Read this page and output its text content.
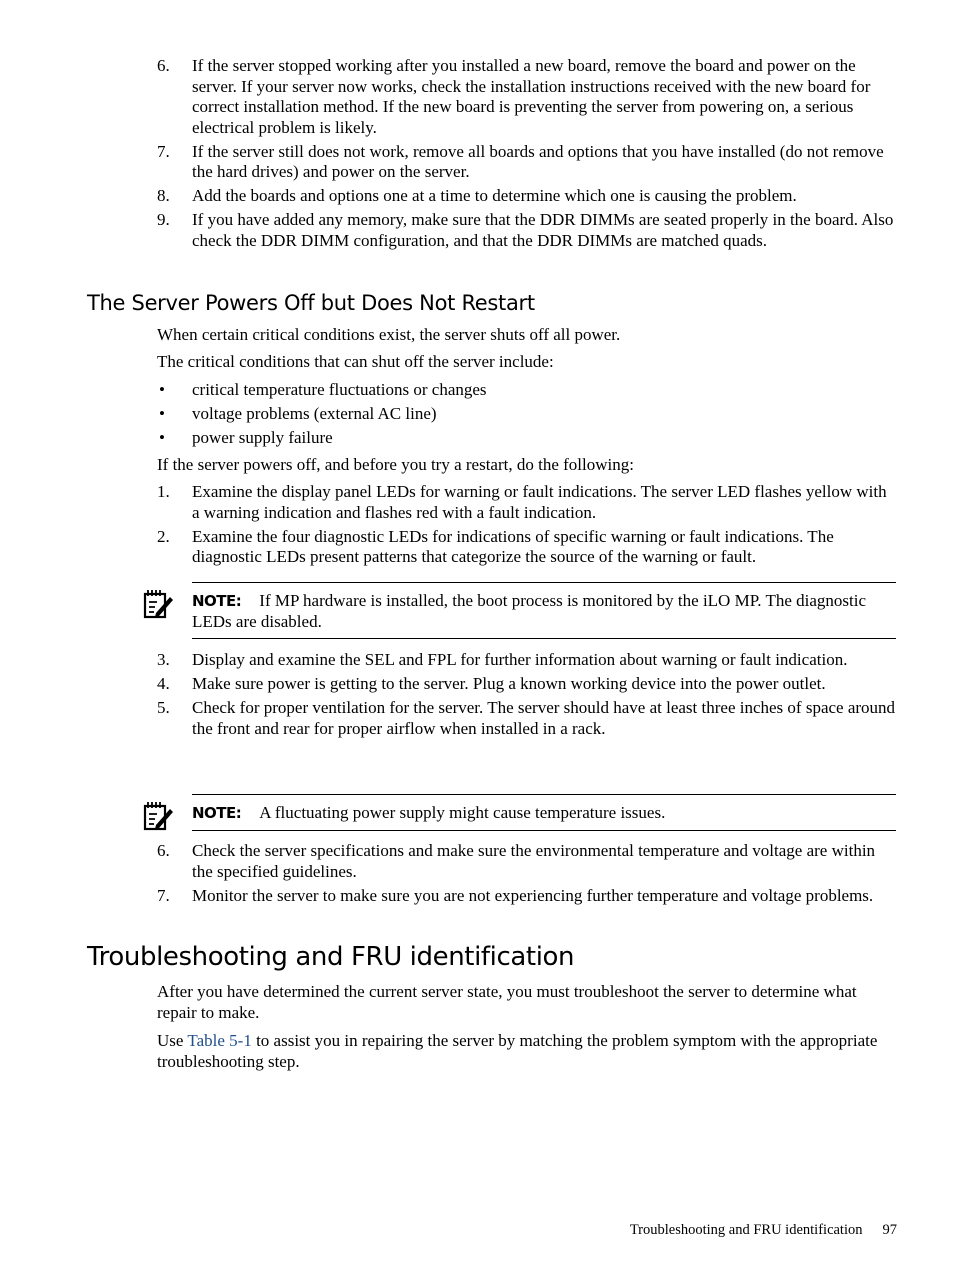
6. If the server stopped working after you installed a new board, remove the board and power on the server. If your server now works, check the installation instructions received with the new board for correct installation method. If the new board is preventing the server from powering on, a serious electrical problem is likely.
7. If the server still does not work, remove all boards and options that you have installed (do not remove the hard drives) and power on the server.
8. Add the boards and options one at a time to determine which one is causing the problem.
9. If you have added any memory, make sure that the DDR DIMMs are seated properly in the board. Also check the DDR DIMM configuration, and that the DDR DIMMs are matched quads.
The Server Powers Off but Does Not Restart

When certain critical conditions exist, the server shuts off all power.

The critical conditions that can shut off the server include:

• critical temperature fluctuations or changes
• voltage problems (external AC line)
• power supply failure

If the server powers off, and before you try a restart, do the following:

1. Examine the display panel LEDs for warning or fault indications. The server LED flashes yellow with a warning indication and flashes red with a fault indication.
2. Examine the four diagnostic LEDs for indications of specific warning or fault indications. The diagnostic LEDs present patterns that categorize the source of the warning or fault.
NOTE: If MP hardware is installed, the boot process is monitored by the iLO MP. The diagnostic LEDs are disabled.
3. Display and examine the SEL and FPL for further information about warning or fault indication.
4. Make sure power is getting to the server. Plug a known working device into the power outlet.
5. Check for proper ventilation for the server. The server should have at least three inches of space around the front and rear for proper airflow when installed in a rack.
NOTE: A fluctuating power supply might cause temperature issues.
6. Check the server specifications and make sure the environmental temperature and voltage are within the specified guidelines.
7. Monitor the server to make sure you are not experiencing further temperature and voltage problems.
Troubleshooting and FRU identification

After you have determined the current server state, you must troubleshoot the server to determine what repair to make.

Use Table 5-1 to assist you in repairing the server by matching the problem symptom with the appropriate troubleshooting step.

Troubleshooting and FRU identification 97
